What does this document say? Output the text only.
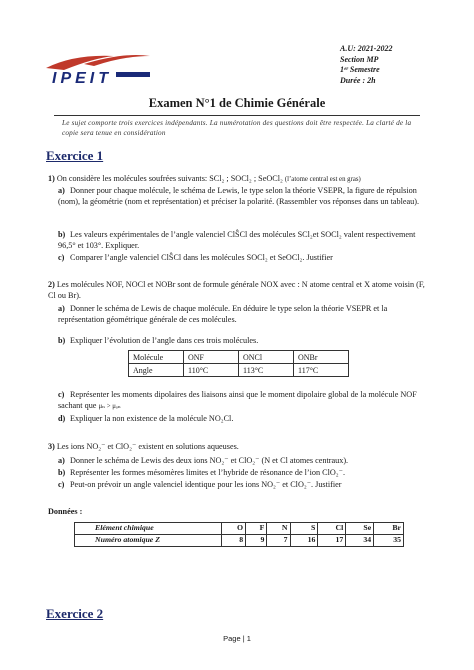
IPEIT
A.U: 2021-2022
Section MP
1ᵉʳ Semestre
Durée : 2h
Examen N°1 de Chimie Générale
Le sujet comporte trois exercices indépendants. La numérotation des questions doit être respectée. La clarté de la copie sera tenue en considération
Exercice 1
1) On considère les molécules soufrées suivants: SCl₂ ; SOCl₂ ; SeOCl₂ (l’atome central est en gras)
a) Donner pour chaque molécule, le schéma de Lewis, le type selon la théorie VSEPR, la figure de répulsion (nom), la géométrie (nom et représentation) et préciser la polarité. (Rassembler vos réponses dans un tableau).
b) Les valeurs expérimentales de l’angle valenciel ClŜCl des molécules SCl₂et SOCl₂ valent respectivement 96,5° et 103°. Expliquer.
c) Comparer l’angle valenciel ClŜCl dans les molécules SOCl₂ et SeOCl₂. Justifier
2) Les molécules NOF, NOCl et NOBr sont de formule générale NOX avec : N atome central et X atome voisin (F, Cl ou Br).
a) Donner le schéma de Lewis de chaque molécule. En déduire le type selon la théorie VSEPR et la représentation géométrique générale de ces molécules.
b) Expliquer l’évolution de l’angle dans ces trois molécules.
Molécule	ONF	ONCl	ONBr
Angle	110°C	113°C	117°C
c) Représenter les moments dipolaires des liaisons ainsi que le moment dipolaire global de la molécule NOF sachant que μₙ > μₒₙ
d) Expliquer la non existence de la molécule NO₂Cl.
3) Les ions NO₂⁻ et ClO₂⁻ existent en solutions aqueuses.
a) Donner le schéma de Lewis des deux ions NO₂⁻ et ClO₂⁻ (N et Cl atomes centraux).
b) Représenter les formes mésomères limites et l’hybride de résonance de l’ion ClO₂⁻.
c) Peut-on prévoir un angle valenciel identique pour les ions NO₂⁻ et ClO₂⁻. Justifier
Données :
Elément chimique	O	F	N	S	Cl	Se	Br
Numéro atomique Z	8	9	7	16	17	34	35
Exercice 2
Page | 1
